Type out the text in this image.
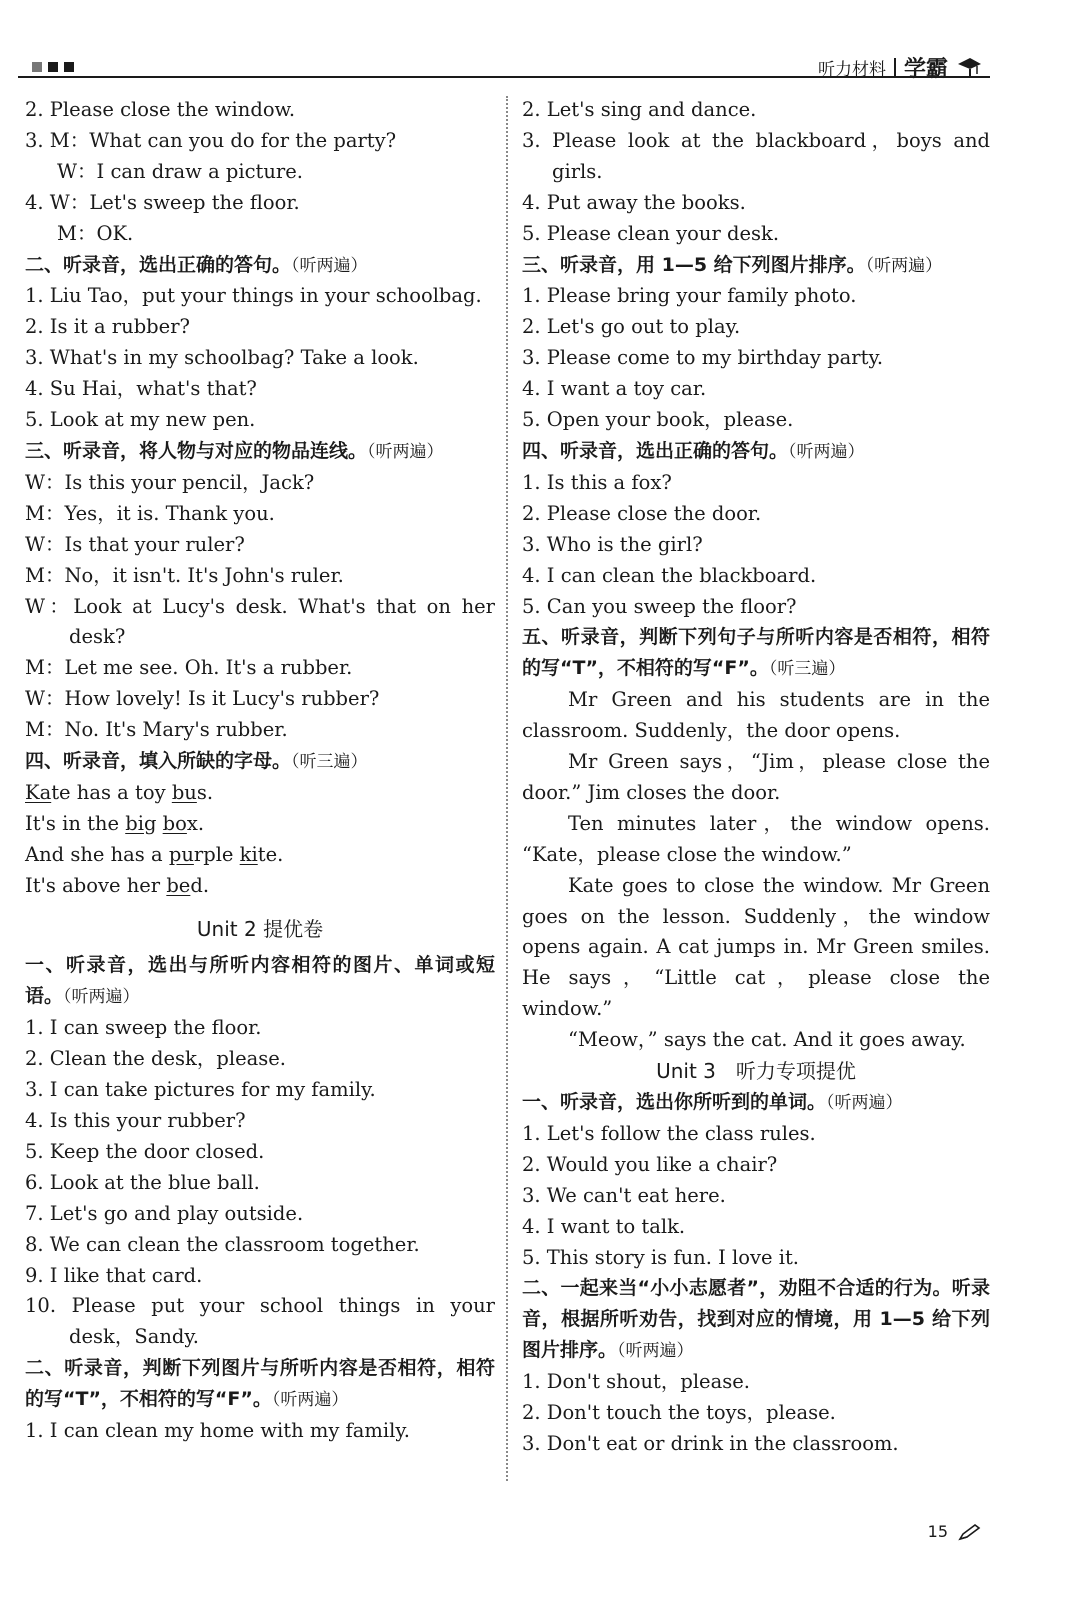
听力材料 学霸
2. Please close the window.
3. M：What can you do for the party?
W：I can draw a picture.
4. W：Let's sweep the floor.
M：OK.
二、听录音，选出正确的答句。（听两遍）
1. Liu Tao，put your things in your schoolbag.
2. Is it a rubber?
3. What's in my schoolbag? Take a look.
4. Su Hai，what's that?
5. Look at my new pen.
三、听录音，将人物与对应的物品连线。（听两遍）
W：Is this your pencil，Jack?
M：Yes，it is. Thank you.
W：Is that your ruler?
M：No，it isn't. It's John's ruler.
W：Look at Lucy's desk. What's that on her desk?
M：Let me see. Oh. It's a rubber.
W：How lovely! Is it Lucy's rubber?
M：No. It's Mary's rubber.
四、听录音，填入所缺的字母。（听三遍）
Kate has a toy bus.
It's in the big box.
And she has a purple kite.
It's above her bed.
Unit 2 提优卷
一、听录音，选出与所听内容相符的图片、单词或短语。（听两遍）
1. I can sweep the floor.
2. Clean the desk，please.
3. I can take pictures for my family.
4. Is this your rubber?
5. Keep the door closed.
6. Look at the blue ball.
7. Let's go and play outside.
8. We can clean the classroom together.
9. I like that card.
10. Please put your school things in your desk，Sandy.
二、听录音，判断下列图片与所听内容是否相符，相符的写“T”，不相符的写“F”。（听两遍）
1. I can clean my home with my family.
2. Let's sing and dance.
3. Please look at the blackboard，boys and girls.
4. Put away the books.
5. Please clean your desk.
三、听录音，用 1—5 给下列图片排序。（听两遍）
1. Please bring your family photo.
2. Let's go out to play.
3. Please come to my birthday party.
4. I want a toy car.
5. Open your book，please.
四、听录音，选出正确的答句。（听两遍）
1. Is this a fox?
2. Please close the door.
3. Who is the girl?
4. I can clean the blackboard.
5. Can you sweep the floor?
五、听录音，判断下列句子与所听内容是否相符，相符的写“T”，不相符的写“F”。（听三遍）
Mr Green and his students are in the classroom. Suddenly，the door opens.
Mr Green says，“Jim，please close the door.” Jim closes the door.
Ten minutes later，the window opens. “Kate，please close the window.”
Kate goes to close the window. Mr Green goes on the lesson. Suddenly，the window opens again. A cat jumps in. Mr Green smiles. He says，“Little cat，please close the window.”
“Meow，” says the cat. And it goes away.
Unit 3　听力专项提优
一、听录音，选出你所听到的单词。（听两遍）
1. Let's follow the class rules.
2. Would you like a chair?
3. We can't eat here.
4. I want to talk.
5. This story is fun. I love it.
二、一起来当“小小志愿者”，劝阻不合适的行为。听录音，根据所听劝告，找到对应的情境，用 1—5 给下列图片排序。（听两遍）
1. Don't shout，please.
2. Don't touch the toys，please.
3. Don't eat or drink in the classroom.
15
